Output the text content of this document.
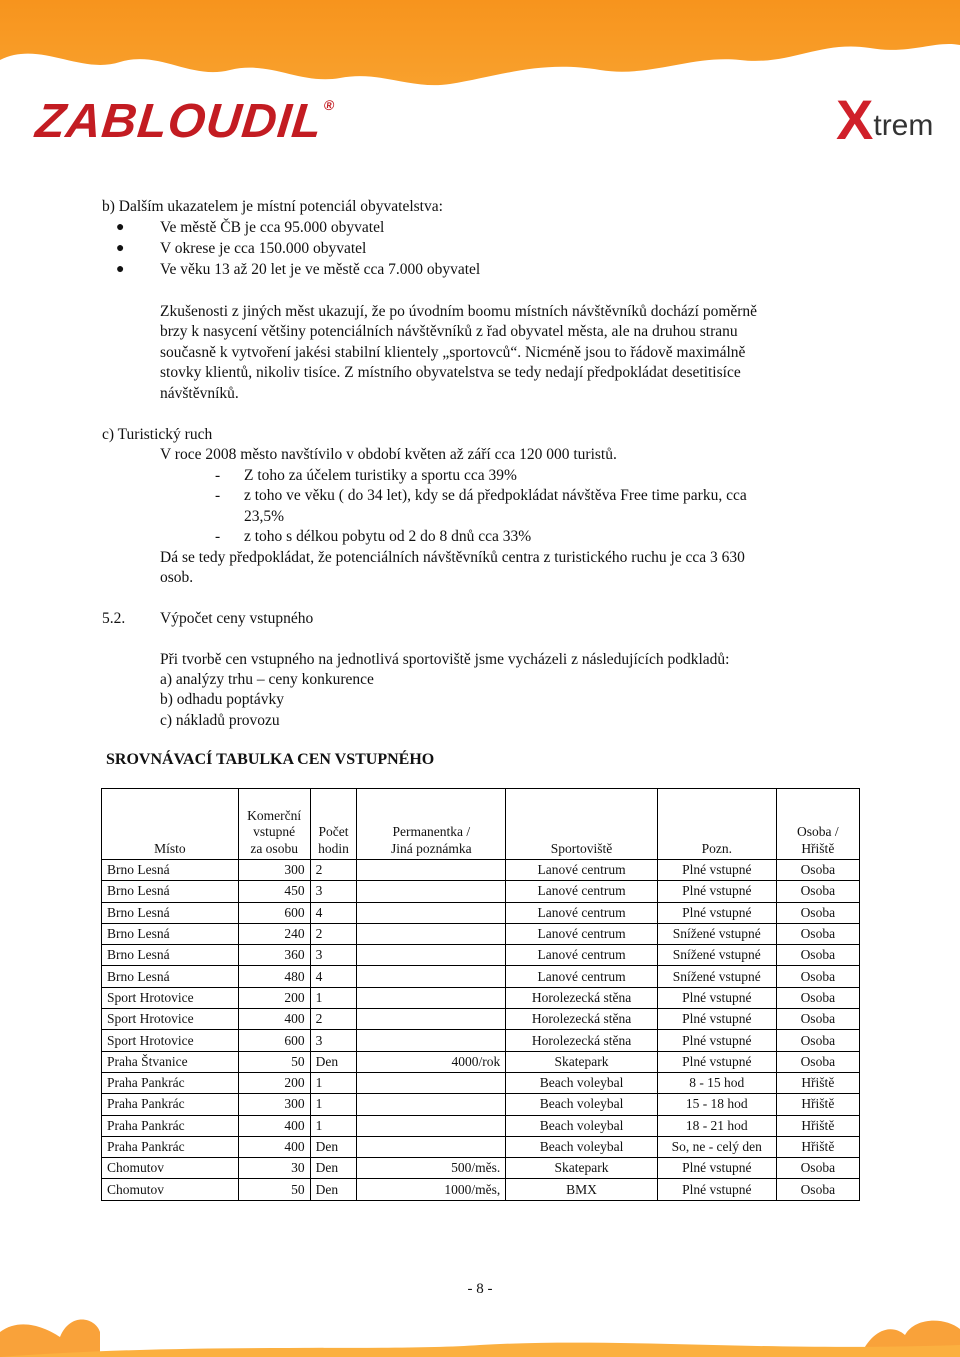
ZABLOUDIL®	Xtrem
b) Dalším ukazatelem je místní potenciál obyvatelstva:
● Ve městě ČB je cca 95.000 obyvatel
● V okrese je cca 150.000 obyvatel
● Ve věku 13 až 20 let je ve městě cca 7.000 obyvatel
Zkušenosti z jiných měst ukazují, že po úvodním boomu místních návštěvníků dochází poměrně
brzy k nasycení většiny potenciálních návštěvníků z řad obyvatel města, ale na druhou stranu
současně k vytvoření jakési stabilní klientely „sportovců“. Nicméně jsou to řádově maximálně
stovky klientů, nikoliv tisíce. Z místního obyvatelstva se tedy nedají předpokládat desetitisíce
návštěvníků.
c) Turistický ruch
V roce 2008 město navštívilo v období květen až září cca 120 000 turistů.
- Z toho za účelem turistiky a sportu cca 39%
- z toho ve věku ( do 34 let), kdy se dá předpokládat návštěva Free time parku, cca
23,5%
- z toho s délkou pobytu od 2 do 8 dnů cca 33%
Dá se tedy předpokládat, že potenciálních návštěvníků centra z turistického ruchu je cca 3 630
osob.
5.2. Výpočet ceny vstupného
Při tvorbě cen vstupného na jednotlivá sportoviště jsme vycházeli z následujících podkladů:
a) analýzy trhu – ceny konkurence
b) odhadu poptávky
c) nákladů provozu
SROVNÁVACÍ TABULKA CEN VSTUPNÉHO
Místo	Komerční
vstupné
za osobu	Počet
hodin	Permanentka /
Jiná poznámka	Sportoviště	Pozn.	Osoba /
Hřiště
Brno Lesná	300	2		Lanové centrum	Plné vstupné	Osoba
Brno Lesná	450	3		Lanové centrum	Plné vstupné	Osoba
Brno Lesná	600	4		Lanové centrum	Plné vstupné	Osoba
Brno Lesná	240	2		Lanové centrum	Snížené vstupné	Osoba
Brno Lesná	360	3		Lanové centrum	Snížené vstupné	Osoba
Brno Lesná	480	4		Lanové centrum	Snížené vstupné	Osoba
Sport Hrotovice	200	1		Horolezecká stěna	Plné vstupné	Osoba
Sport Hrotovice	400	2		Horolezecká stěna	Plné vstupné	Osoba
Sport Hrotovice	600	3		Horolezecká stěna	Plné vstupné	Osoba
Praha Štvanice	50	Den	4000/rok	Skatepark	Plné vstupné	Osoba
Praha Pankrác	200	1		Beach voleybal	8 - 15 hod	Hřiště
Praha Pankrác	300	1		Beach voleybal	15 - 18 hod	Hřiště
Praha Pankrác	400	1		Beach voleybal	18 - 21 hod	Hřiště
Praha Pankrác	400	Den		Beach voleybal	So, ne - celý den	Hřiště
Chomutov	30	Den	500/měs.	Skatepark	Plné vstupné	Osoba
Chomutov	50	Den	1000/měs,	BMX	Plné vstupné	Osoba
- 8 -
